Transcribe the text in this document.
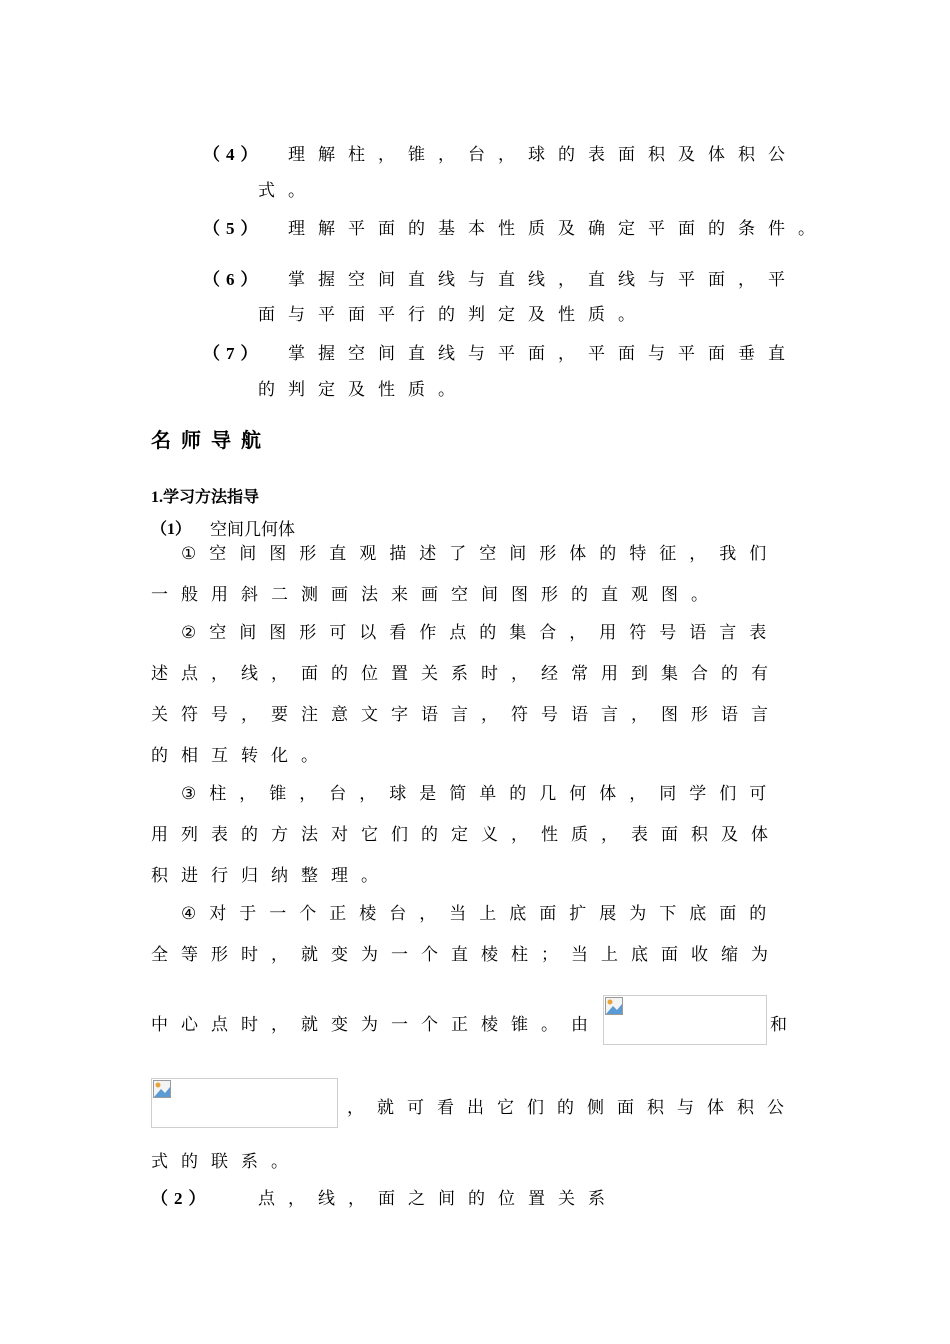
（4） 理解柱，锥，台，球的表面积及体积公
式。
（5） 理解平面的基本性质及确定平面的条件。
（6） 掌握空间直线与直线，直线与平面，平
面与平面平行的判定及性质。
（7） 掌握空间直线与平面，平面与平面垂直
的判定及性质。
名师导航
1.学习方法指导
（1） 空间几何体
①空间图形直观描述了空间形体的特征，我们
一般用斜二测画法来画空间图形的直观图。
②空间图形可以看作点的集合，用符号语言表
述点，线，面的位置关系时，经常用到集合的有
关符号，要注意文字语言，符号语言，图形语言
的相互转化。
③柱，锥，台，球是简单的几何体，同学们可
用列表的方法对它们的定义，性质，表面积及体
积进行归纳整理。
④对于一个正棱台，当上底面扩展为下底面的
全等形时，就变为一个直棱柱；当上底面收缩为
中心点时，就变为一个正棱锥。由	和
，就可看出它们的侧面积与体积公
式的联系。
（2）	点，线，面之间的位置关系
